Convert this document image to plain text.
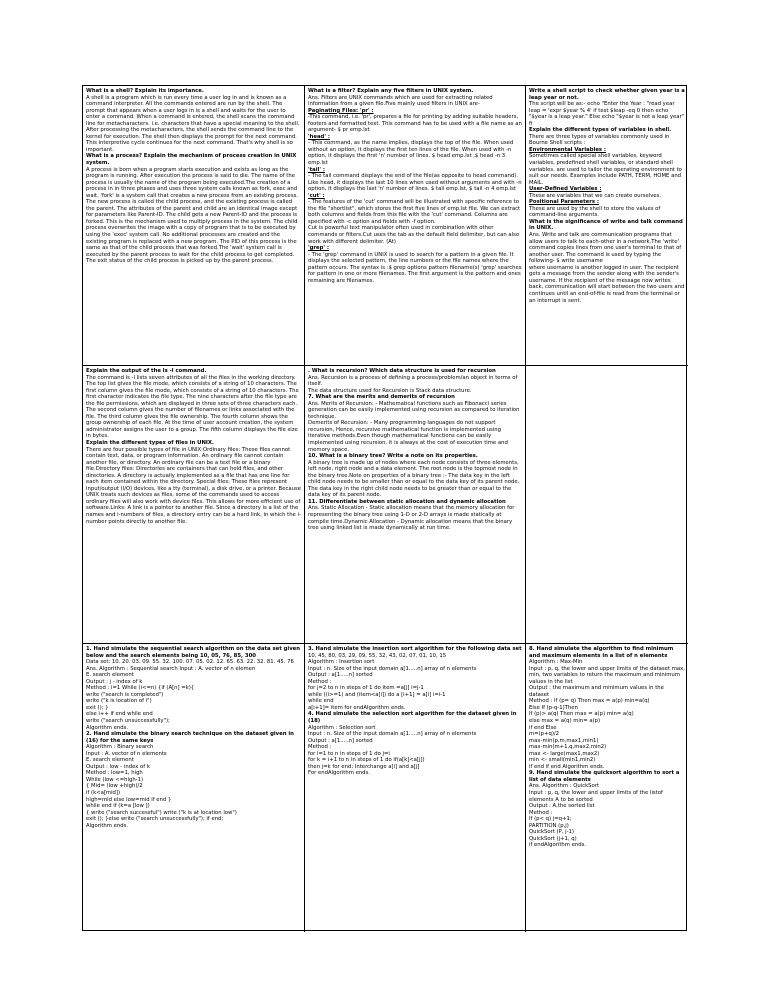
What is a shell? Explain its importance.

A shell is a program which is run every time a user log in and is known as a command interpreter. All the commands entered are run by the shell. The prompt that appears when a user logs in is a shell and waits for the user to enter a command. When a command is entered, the shell scans the command line for metacharacters. i.e. characters that have a special meaning to the shell. After processing the metacharacters, the shell sends the command line to the kernel for execution. The shell then displays the prompt for the next command. This interpretive cycle continues for the next command. That's why shell is so important.

What is a process? Explain the mechanism of process creation in UNIX system.

A process is born when a program starts execution and exists as long as the program is running. After execution the process is said to die. The name of the process is usually the name of the program being executed.The creation of a process in in three phases and uses three system calls known as fork, exec and wait. 'fork' is a system call that creates a new process from an existing process. The new process is called the child process, and the existing process is called the parent. The attributes of the parent and child are an identical image except for parameters like Parent-ID. The child gets a new Parent-ID and the process is forked. This is the mechanism used to multiply process in the system. The child process overwrites the image with a copy of program that is to be executed by using the 'exec' system call. No additional processes are created and the existing program is replaced with a new program. The PID of this process is the same as that of the child process that was forked.The 'wait' system call is executed by the parent process to wait for the child process to get completed. The exit status of the child process is picked up by the parent process.

What is a filter? Explain any five filters in UNIX system.

Ans. Filters are UNIX commands which are used for extracting related information from a given file.Five mainly used filters in UNIX are-

Paginating Files: 'pr' :

-This command, i.e. 'pr', prepares a file for printing by adding suitable headers, footers and formatted text. This command has to be used with a file name as an argument- $ pr emp.lst

'head' :

- This command, as the name implies, displays the top of the file. When used without an option, it displays the first ten lines of the file. When used with -n option, it displays the first 'n' number of lines. $ head emp.lst ,$ head -n 3 emp.lst

'tail' :

- The tail command displays the end of the file(as opposite to head command). Like head, it displays the last 10 lines when used without arguments and with -n option, it displays the last 'n' number of lines. $ tail emp.lst, $ tail -n 4 emp.lst

'cut' :

- The features of the 'cut' command will be illustrated with specific reference to the file "shortlist", which stores the first five lines of emp.lst file. We can extract both columns and fields from this file with the 'cut' command. Columns are specified with -c option and fields with -f option.

Cut is powerful text manipulator often used in combination with other commands or filters.Cut uses the tab as the default field delimiter, but can also work with different delimiter. (At)

'grep' :

- The 'grep' command in UNIX is used to search for a pattern in a given file. It displays the selected pattern, the line numbers or the file names where the pattern occurs. The syntax is :$ grep options pattern filename(s) 'grep' searches for pattern in one or more filenames. The first argument is the pattern and ones remaining are filenames.

Write a shell script to check whether given year is a leap year or not.

The script will be as:- echo "Enter the Year : "read year leap = 'expr $year % 4' if test $leap -eq 0 then echo "$year is a leap year." Else echo "$year is not a leap year" fi

Explain the different types of variables in shell.

There are three types of variables commonly used in Bourne Shell scripts :

Environmental Variables :

Sometimes called special shell variables, keyword variables, predefined shell variables, or standard shell variables. are used to tailor the operating environment to suit our needs. Examples include PATH, TERM, HOME and MAIL.

User-Defined Variables :

These are variables that we can create ourselves.

Positional Parameters :

These are used by the shell to store the values of command-line arguments.

What is the significance of write and talk command in UNIX.

Ans. Write and talk are communication programs that allow users to talk to each-other in a network.The 'write' command copies lines from one user's terminal to that of another user. The command is used by typing the following- $ write username

where username is another logged in user. The recipient gets a message from the sender along with the sender's username. If the recipient of the message now writes back, communication will start between the two users and continues until an end-of-file is read from the terminal or an interrupt is sent.

Explain the output of the ls -l command.

The command ls -l lists seven attributes of all the files in the working directory. The top list gives the file mode, which consists of a string of 10 characters. The first column gives the file mode, which consists of a string of 10 characters. The first character indicates the file type. The nine characters after the file type are the file permissions, which are displayed in three sets of three characters each. The second column gives the number of filenames or links associated with the file. The third column gives the file ownership. The fourth column shows the group ownership of each file. At the time of user account creation, the system administrator assigns the user to a group. The fifth column displays the file size in bytes.

Explain the different types of files in UNIX.

There are four possible types of file in UNIX:Ordinary files: These files cannot contain text, data, or program information. An ordinary file cannot contain another file, or directory. An ordinary file can be a text file or a binary file.Directory files: Directories are containers that can hold files, and other directories. A directory is actually implemented as a file that has one line for each item contained within the directory. Special files: These files represent input/output (I/O) devices, like a tty (terminal), a disk drive, or a printer. Because UNIX treats such devices as files, some of the commands used to access ordinary files will also work with device files. This allows for more efficient use of software.Links: A link is a pointer to another file. Since a directory is a list of the names and i-numbers of files, a directory entry can be a hard link, in which the i-number points directly to another file.

. What is recursion? Which data structure is used for recursion

Ans. Recursion is a process of defining a process/problem/an object in terms of itself.

The data structure used for Recursion is Stack data structure.

7. What are the merits and demerits of recursion

Ans. Merits of Recursion: - Mathematical functions such as Fibonacci series generation can be easily implemented using recursion as compared to iteration technique.

Demerits of Recursion: - Many programming languages do not support recursion, Hence, recursive mathematical function is implemented using iterative methods.Even though mathematical functions can be easily implemented using recursion, it is always at the cost of execution time and memory space.

10. What is a binary tree? Write a note on its properties.

A binary tree is made up of nodes where each node consists of three elements, left node, right node and a data element. The root node is the topmost node in the binary tree.Note on properties of a binary tree :- The data key in the left child node needs to be smaller than or equal to the data key of its parent node. The data key in the right child node needs to be greater than or equal to the data key of its parent node.

11. Differentiate between static allocation and dynamic allocation

Ans. Static Allocation - Static allocation means that the memory allocation for representing the binary tree using 1-D or 2-D arrays is made statically at compile time.Dynamic Allocation - Dynamic allocation means that the binary tree using linked list is made dynamically at run time.

1. Hand simulate the sequential search algorithm on the data set given below and the search elements being 10, 05, 76, 85, 300

Data set: 10. 20. 03. 09. 55. 32. 100. 07. 05. 02. 12. 65. 63. 22. 32. 81. 45. 76

Ans. Algorithm : Sequential search Input : A. vector of n elemen

E. search element

Output : j - index of k

Method : i=1 While (i<=n) {if (A[n] =k){

write ("search is completed")

write ("k is location of i")

exit (); }

else i++ if end while end

write ("search unsuccessfully");

Algorithm ends.

2. Hand simulate the binary search technique on the dataset given in (16) for the same keys

Algorithm : Binary search

Input : A. vector of n elements

E. search element

Output : low - index of k

Method : low=1, high

While (low <=high-1)

{ Mid= (low +high)/2

if (k<a[mid])

high=mid else low=mid if end }

while end if (k=a [low ])

{ write ("search successful") write ("k is at location low")

exit (); }else write ("search unsuccessfully"); if end;

Algorithm ends.

3. Hand simulate the insertion sort algorithm for the following data set

10, 45, 80, 03, 29, 09, 55, 32, 43, 02, 07, 01, 10, 15

Algorithm : Insertion sort

Input : n. Size of the input domain a[1.....n] array of n elements

Output : a[1.....n] sorted

Method :

for j=2 to n in steps of 1 do item =a[j] i=j-1

while ((i>=1) and (item<a[i]) do a [i+1] = a[i] i=i-1

while end

a[i+1]= item for endAlgorithm ends.

4. Hand simulate the selection sort algorithm for the dataset given in (18)

Algorithm : Selection sort

Input : n. Size of the input domain a[1.....n] array of n elements

Output : a[1.....n] sorted

Method :

for i=1 to n in steps of 1 do j=i

for k = i+1 to n in steps of 1 do if(a[k]<a[j])

then j=k for end: Interchange a[i] and a[j]

For endAlgorithm ends.

8. Hand simulate the algorithm to find minimum and maximum elements in a list of n elements

Algorithm : Max-Min

Input : p, q, the lower and upper limits of the dataset max, min, two variables to return the maximum and minimum values in the list

Output : the maximum and minimum values in the dataset

Method : If (p= q) Then max = a(p) min=a(q)

Else If (p-q-1)Then

If (p)> a(q) Then max = a(p) min= a(q)

else max = a(q) min= a(p)

if end Else

m=(p+q)/2

max-min(p,m,max1,min1)

max-min(m+1,q,max2,min2)

max <- large(max1,max2)

min <- small(min1,min2)

if end if end Algorithm ends.

9. Hand simulate the quicksort algorithm to sort a list of data elements

Ans. Algorithm : QuickSort

Input : p, q, the lower and upper limits of the listof elements A to be sorted

Output : A,the sorted list

Method :

If (p< q) j=q+1;

PARTITION (p,j)

QuickSort (P, j-1)

QuickSort (j+1, q)

if endAlgorithm ends.
